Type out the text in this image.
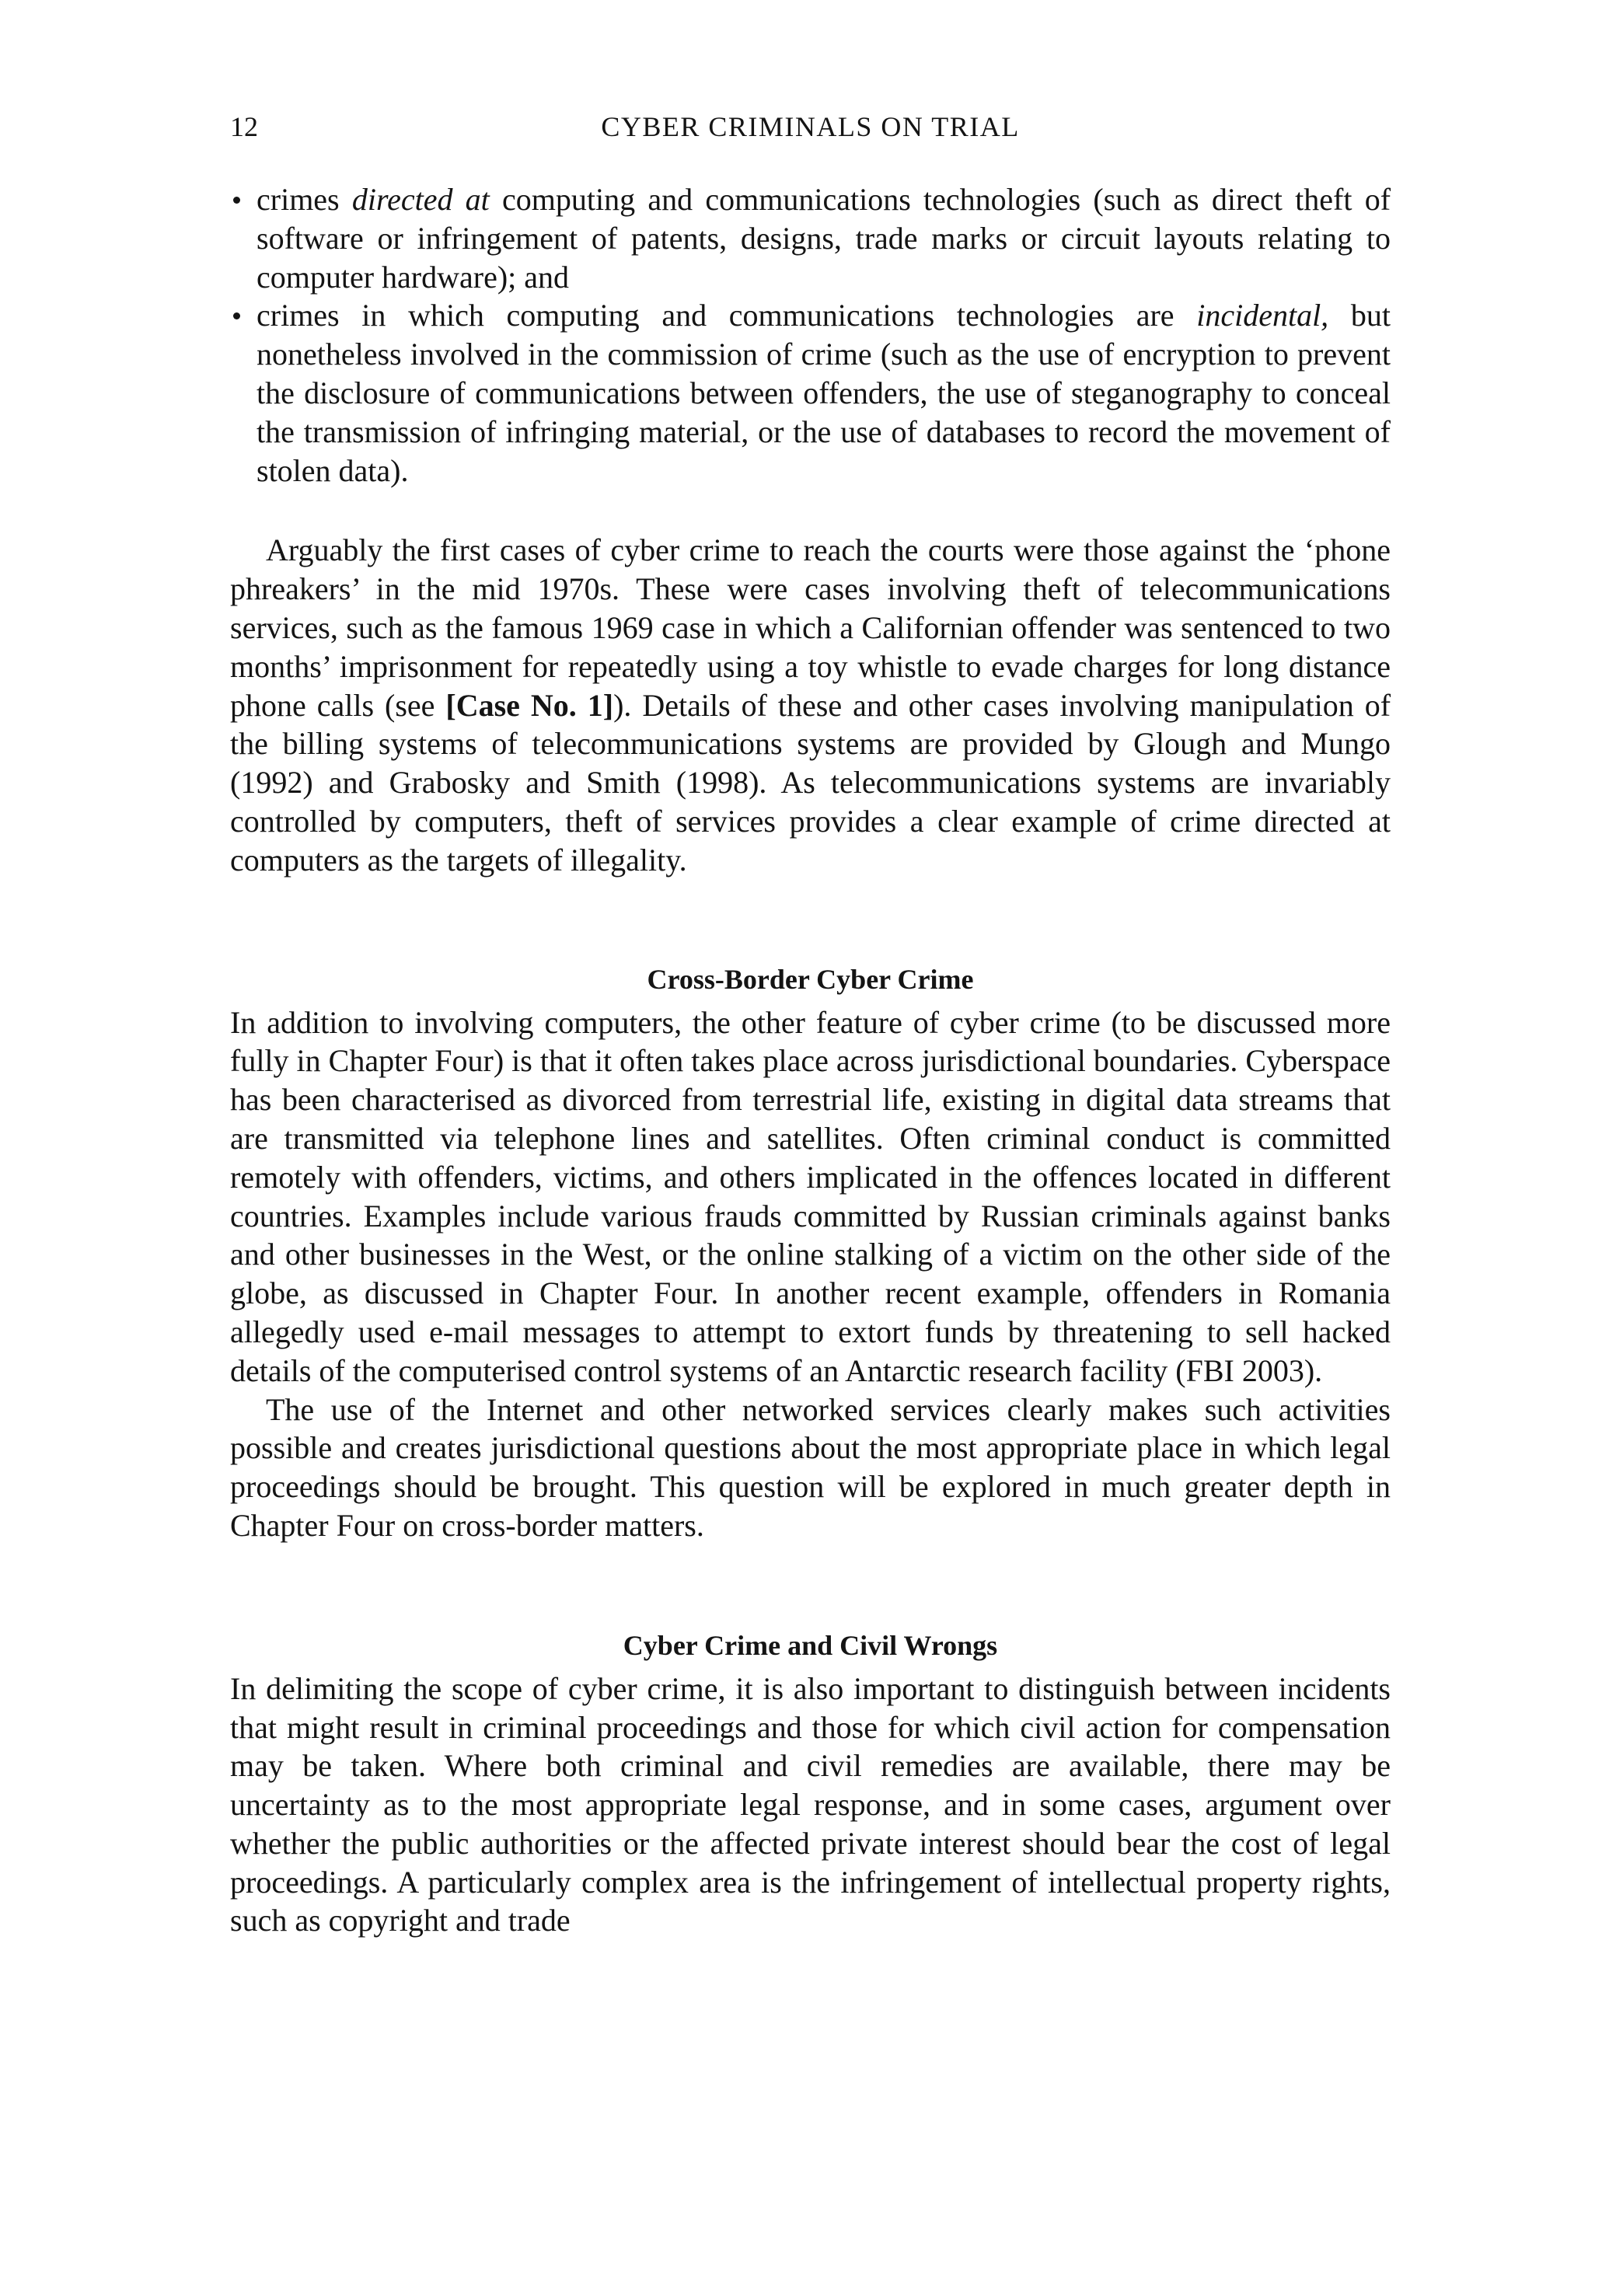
12	CYBER CRIMINALS ON TRIAL
crimes directed at computing and communications technologies (such as direct theft of software or infringement of patents, designs, trade marks or circuit layouts relating to computer hardware); and
crimes in which computing and communications technologies are incidental, but nonetheless involved in the commission of crime (such as the use of encryption to prevent the disclosure of communications between offenders, the use of steganography to conceal the transmission of infringing material, or the use of databases to record the movement of stolen data).

Arguably the first cases of cyber crime to reach the courts were those against the ‘phone phreakers’ in the mid 1970s. These were cases involving theft of telecommunications services, such as the famous 1969 case in which a Californian offender was sentenced to two months’ imprisonment for repeatedly using a toy whistle to evade charges for long distance phone calls (see [Case No. 1]). Details of these and other cases involving manipulation of the billing systems of telecommunications systems are provided by Glough and Mungo (1992) and Grabosky and Smith (1998). As telecommunications systems are invariably controlled by computers, theft of services provides a clear example of crime directed at computers as the targets of illegality.

Cross-Border Cyber Crime

In addition to involving computers, the other feature of cyber crime (to be discussed more fully in Chapter Four) is that it often takes place across jurisdictional boundaries. Cyberspace has been characterised as divorced from terrestrial life, existing in digital data streams that are transmitted via telephone lines and satellites. Often criminal conduct is committed remotely with offenders, victims, and others implicated in the offences located in different countries. Examples include various frauds committed by Russian criminals against banks and other businesses in the West, or the online stalking of a victim on the other side of the globe, as discussed in Chapter Four. In another recent example, offenders in Romania allegedly used e-mail messages to attempt to extort funds by threatening to sell hacked details of the computerised control systems of an Antarctic research facility (FBI 2003).

The use of the Internet and other networked services clearly makes such activities possible and creates jurisdictional questions about the most appropriate place in which legal proceedings should be brought. This question will be explored in much greater depth in Chapter Four on cross-border matters.

Cyber Crime and Civil Wrongs

In delimiting the scope of cyber crime, it is also important to distinguish between incidents that might result in criminal proceedings and those for which civil action for compensation may be taken. Where both criminal and civil remedies are available, there may be uncertainty as to the most appropriate legal response, and in some cases, argument over whether the public authorities or the affected private interest should bear the cost of legal proceedings. A particularly complex area is the infringement of intellectual property rights, such as copyright and trade
